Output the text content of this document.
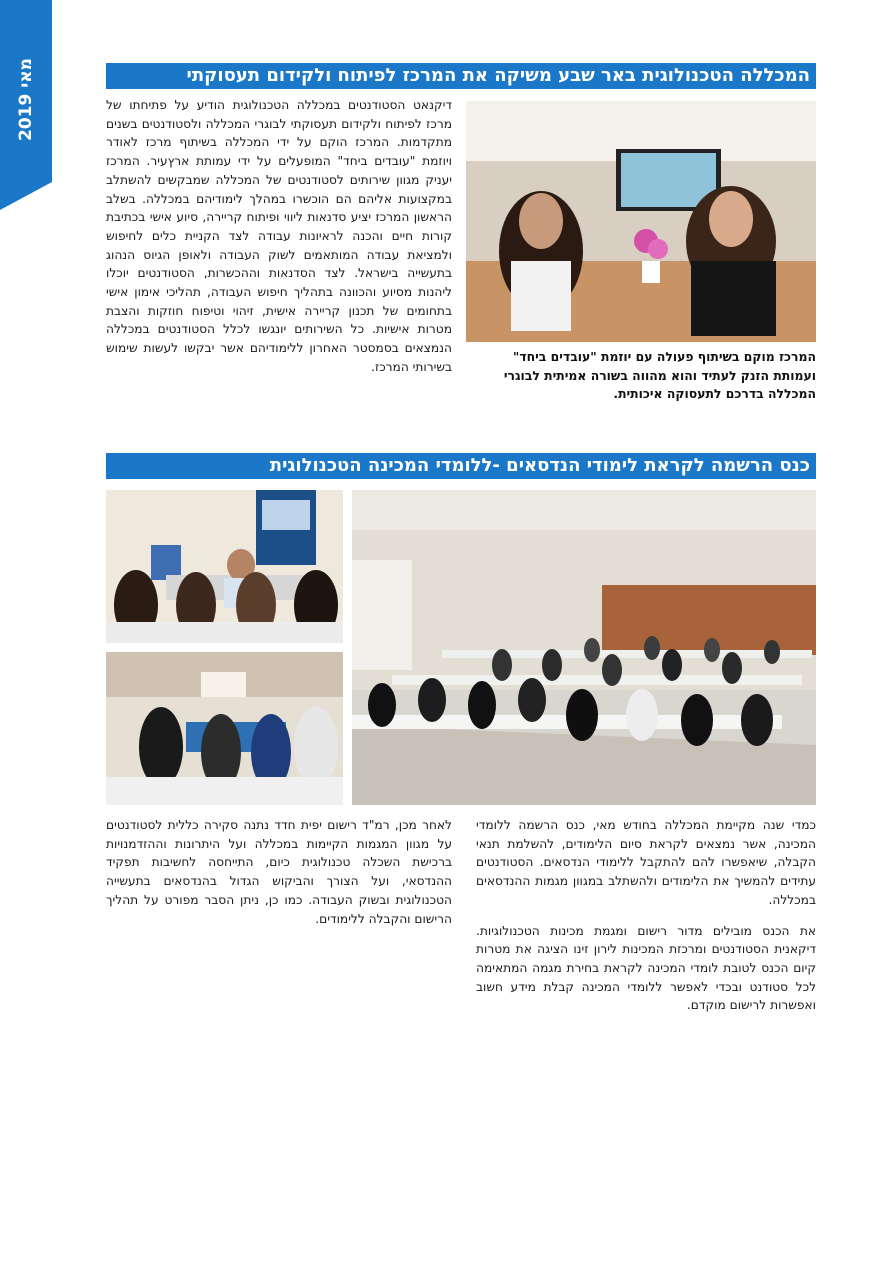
מאי 2019	המכללה הטכנולוגית באר שבע משיקה את המרכז לפיתוח ולקידום תעסוקתי
דיקנאט הסטודנטים במכללה הטכנולוגית הודיע על פתיחתו של מרכז לפיתוח ולקידום תעסוקתי לבוגרי המכללה ולסטודנטים בשנים מתקדמות. המרכז הוקם על ידי המכללה בשיתוף מרכז לאודר ויוזמת "עובדים ביחד" המופעלים על ידי עמותת ארץעיר. המרכז יעניק מגוון שירותים לסטודנטים של המכללה שמבקשים להשתלב במקצועות אליהם הם הוכשרו במהלך לימודיהם במכללה. בשלב הראשון המרכז יציע סדנאות ליווי ופיתוח קריירה, סיוע אישי בכתיבת קורות חיים והכנה לראיונות עבודה לצד הקניית כלים לחיפוש ולמציאת עבודה המותאמים לשוק העבודה ולאופן הגיוס הנהוג בתעשייה בישראל. לצד הסדנאות וההכשרות, הסטודנטים יוכלו ליהנות מסיוע והכוונה בתהליך חיפוש העבודה, תהליכי אימון אישי בתחומים של תכנון קריירה אישית, זיהוי וטיפוח חוזקות והצבת מטרות אישיות. כל השירותים יונגשו לכלל הסטודנטים במכללה הנמצאים בסמסטר האחרון ללימודיהם אשר יבקשו לעשות שימוש בשירותי המרכז.
המרכז מוקם בשיתוף פעולה עם יוזמת "עובדים ביחד" ועמותת הזנק לעתיד והוא מהווה בשורה אמיתית לבוגרי המכללה בדרכם לתעסוקה איכותית.
כנס הרשמה לקראת לימודי הנדסאים -ללומדי המכינה הטכנולוגית

כמדי שנה מקיימת המכללה בחודש מאי, כנס הרשמה ללומדי המכינה, אשר נמצאים לקראת סיום הלימודים, להשלמת תנאי הקבלה, שיאפשרו להם להתקבל ללימודי הנדסאים. הסטודנטים עתידים להמשיך את הלימודים ולהשתלב במגוון מגמות ההנדסאים במכללה.

את הכנס מובילים מדור רישום ומגמת מכינות הטכנולוגיות. דיקאנית הסטודנטים ומרכזת המכינות לירון זינו הציגה את מטרות קיום הכנס לטובת לומדי המכינה לקראת בחירת מגמה המתאימה לכל סטודנט ובכדי לאפשר ללומדי המכינה קבלת מידע חשוב ואפשרות לרישום מוקדם.

לאחר מכן, רמ"ד רישום יפית חדד נתנה סקירה כללית לסטודנטים על מגוון המגמות הקיימות במכללה ועל היתרונות וההזדמנויות ברכישת השכלה טכנולוגית כיום, התייחסה לחשיבות תפקיד ההנדסאי, ועל הצורך והביקוש הגדול בהנדסאים בתעשייה הטכנולוגית ובשוק העבודה. כמו כן, ניתן הסבר מפורט על תהליך הרישום והקבלה ללימודים.
